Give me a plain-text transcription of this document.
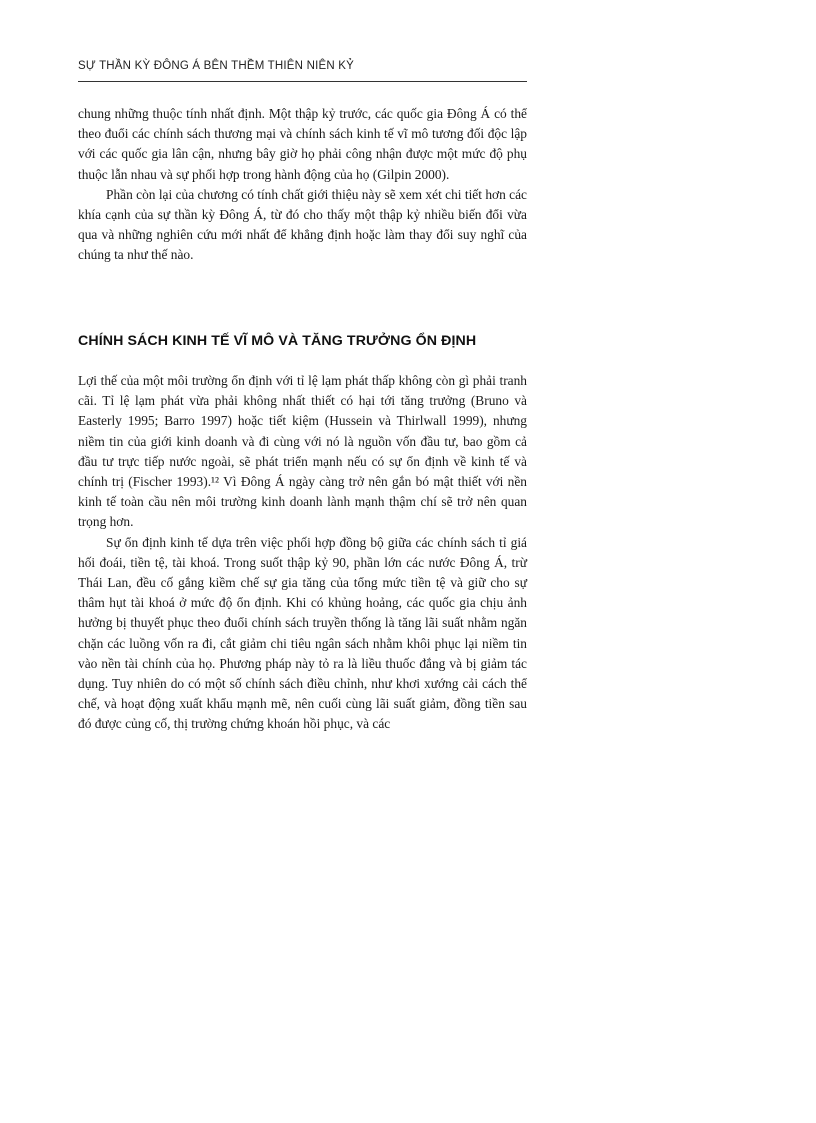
SỰ THẦN KỲ ĐÔNG Á BÊN THỀM THIÊN NIÊN KỶ

chung những thuộc tính nhất định. Một thập kỷ trước, các quốc gia Đông Á có thể theo đuổi các chính sách thương mại và chính sách kinh tế vĩ mô tương đối độc lập với các quốc gia lân cận, nhưng bây giờ họ phải công nhận được một mức độ phụ thuộc lẫn nhau và sự phối hợp trong hành động của họ (Gilpin 2000).

Phần còn lại của chương có tính chất giới thiệu này sẽ xem xét chi tiết hơn các khía cạnh của sự thần kỳ Đông Á, từ đó cho thấy một thập kỷ nhiều biến đổi vừa qua và những nghiên cứu mới nhất để khẳng định hoặc làm thay đổi suy nghĩ của chúng ta như thế nào.

CHÍNH SÁCH KINH TẾ VĨ MÔ VÀ TĂNG TRƯỞNG ỔN ĐỊNH

Lợi thế của một môi trường ổn định với tỉ lệ lạm phát thấp không còn gì phải tranh cãi. Tỉ lệ lạm phát vừa phải không nhất thiết có hại tới tăng trưởng (Bruno và Easterly 1995; Barro 1997) hoặc tiết kiệm (Hussein và Thirlwall 1999), nhưng niềm tin của giới kinh doanh và đi cùng với nó là nguồn vốn đầu tư, bao gồm cả đầu tư trực tiếp nước ngoài, sẽ phát triển mạnh nếu có sự ổn định về kinh tế và chính trị (Fischer 1993).¹² Vì Đông Á ngày càng trở nên gắn bó mật thiết với nền kinh tế toàn cầu nên môi trường kinh doanh lành mạnh thậm chí sẽ trở nên quan trọng hơn.

Sự ổn định kinh tế dựa trên việc phối hợp đồng bộ giữa các chính sách tỉ giá hối đoái, tiền tệ, tài khoá. Trong suốt thập kỷ 90, phần lớn các nước Đông Á, trừ Thái Lan, đều cố gắng kiềm chế sự gia tăng của tổng mức tiền tệ và giữ cho sự thâm hụt tài khoá ở mức độ ổn định. Khi có khủng hoảng, các quốc gia chịu ảnh hưởng bị thuyết phục theo đuổi chính sách truyền thống là tăng lãi suất nhằm ngăn chặn các luồng vốn ra đi, cắt giảm chi tiêu ngân sách nhằm khôi phục lại niềm tin vào nền tài chính của họ. Phương pháp này tỏ ra là liều thuốc đắng và bị giảm tác dụng. Tuy nhiên do có một số chính sách điều chỉnh, như khơi xướng cải cách thể chế, và hoạt động xuất khẩu mạnh mẽ, nên cuối cùng lãi suất giảm, đồng tiền sau đó được củng cố, thị trường chứng khoán hồi phục, và các
